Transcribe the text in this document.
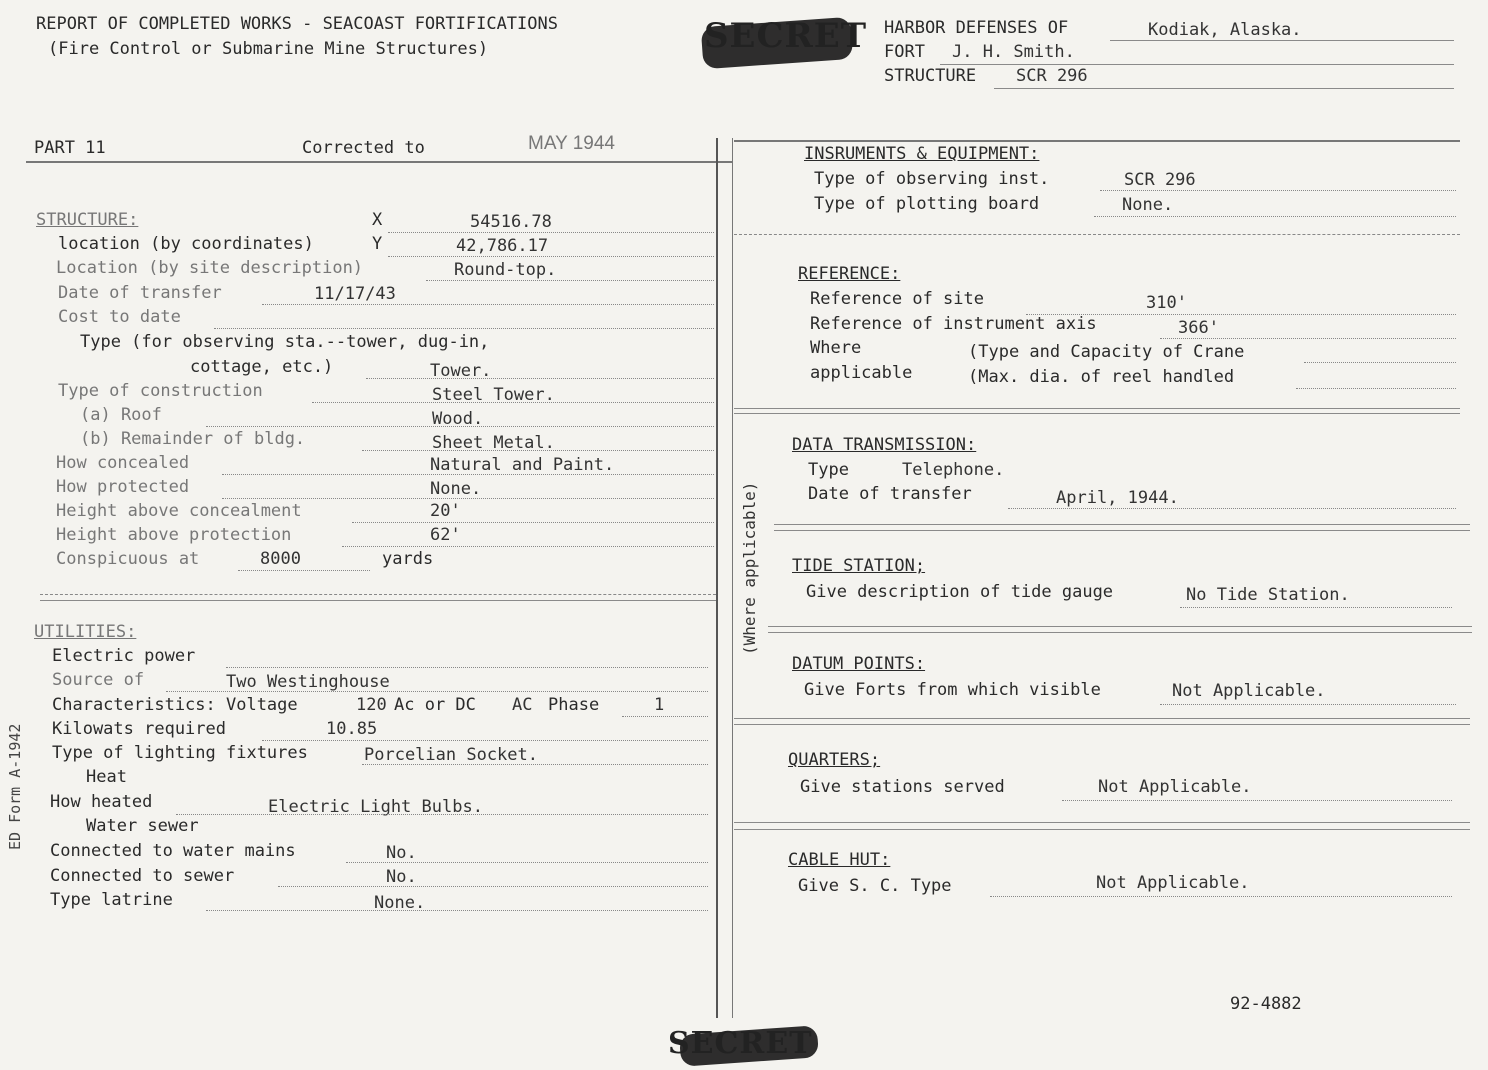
REPORT OF COMPLETED WORKS - SEACOAST FORTIFICATIONS
(Fire Control or Submarine Mine Structures)	SECRET HARBOR DEFENSES OF	Kodiak, Alaska.
FORT J. H. Smith.
STRUCTURE SCR 296
PART 11	Corrected to	MAY 1944
ED Form A-1942
(Where applicable)
STRUCTURE:	X	54516.78
location (by coordinates)	Y	42,786.17
Location (by site description)	Round-top.
Date of transfer	11/17/43
Cost to date
Type (for observing sta.--tower, dug-in,
cottage, etc.)	Tower.
Type of construction	Steel Tower.
(a) Roof	Wood.
(b) Remainder of bldg.	Sheet Metal.
How concealed	Natural and Paint.
How protected	None.
Height above concealment	20'
Height above protection	62'
Conspicuous at	8000	yards
UTILITIES:
Electric power
Source of	Two Westinghouse
Characteristics: Voltage	120 Ac or DC AC Phase	1
Kilowats required	10.85
Type of lighting fixtures	Porcelian Socket.
Heat
How heated	Electric Light Bulbs.
Water sewer
Connected to water mains	No.
Connected to sewer	No.
Type latrine	None.
INSRUMENTS & EQUIPMENT:
Type of observing inst.	SCR 296
Type of plotting board	None.
REFERENCE:
Reference of site	310'
Reference of instrument axis	366'
Where	(Type and Capacity of Crane
applicable	(Max. dia. of reel handled
DATA TRANSMISSION:
Type	Telephone.
Date of transfer	April, 1944.
TIDE STATION;
Give description of tide gauge	No Tide Station.
DATUM POINTS:
Give Forts from which visible	Not Applicable.
QUARTERS;
Give stations served	Not Applicable.
CABLE HUT:
Give S. C. Type	Not Applicable.
92-4882
SECRET
